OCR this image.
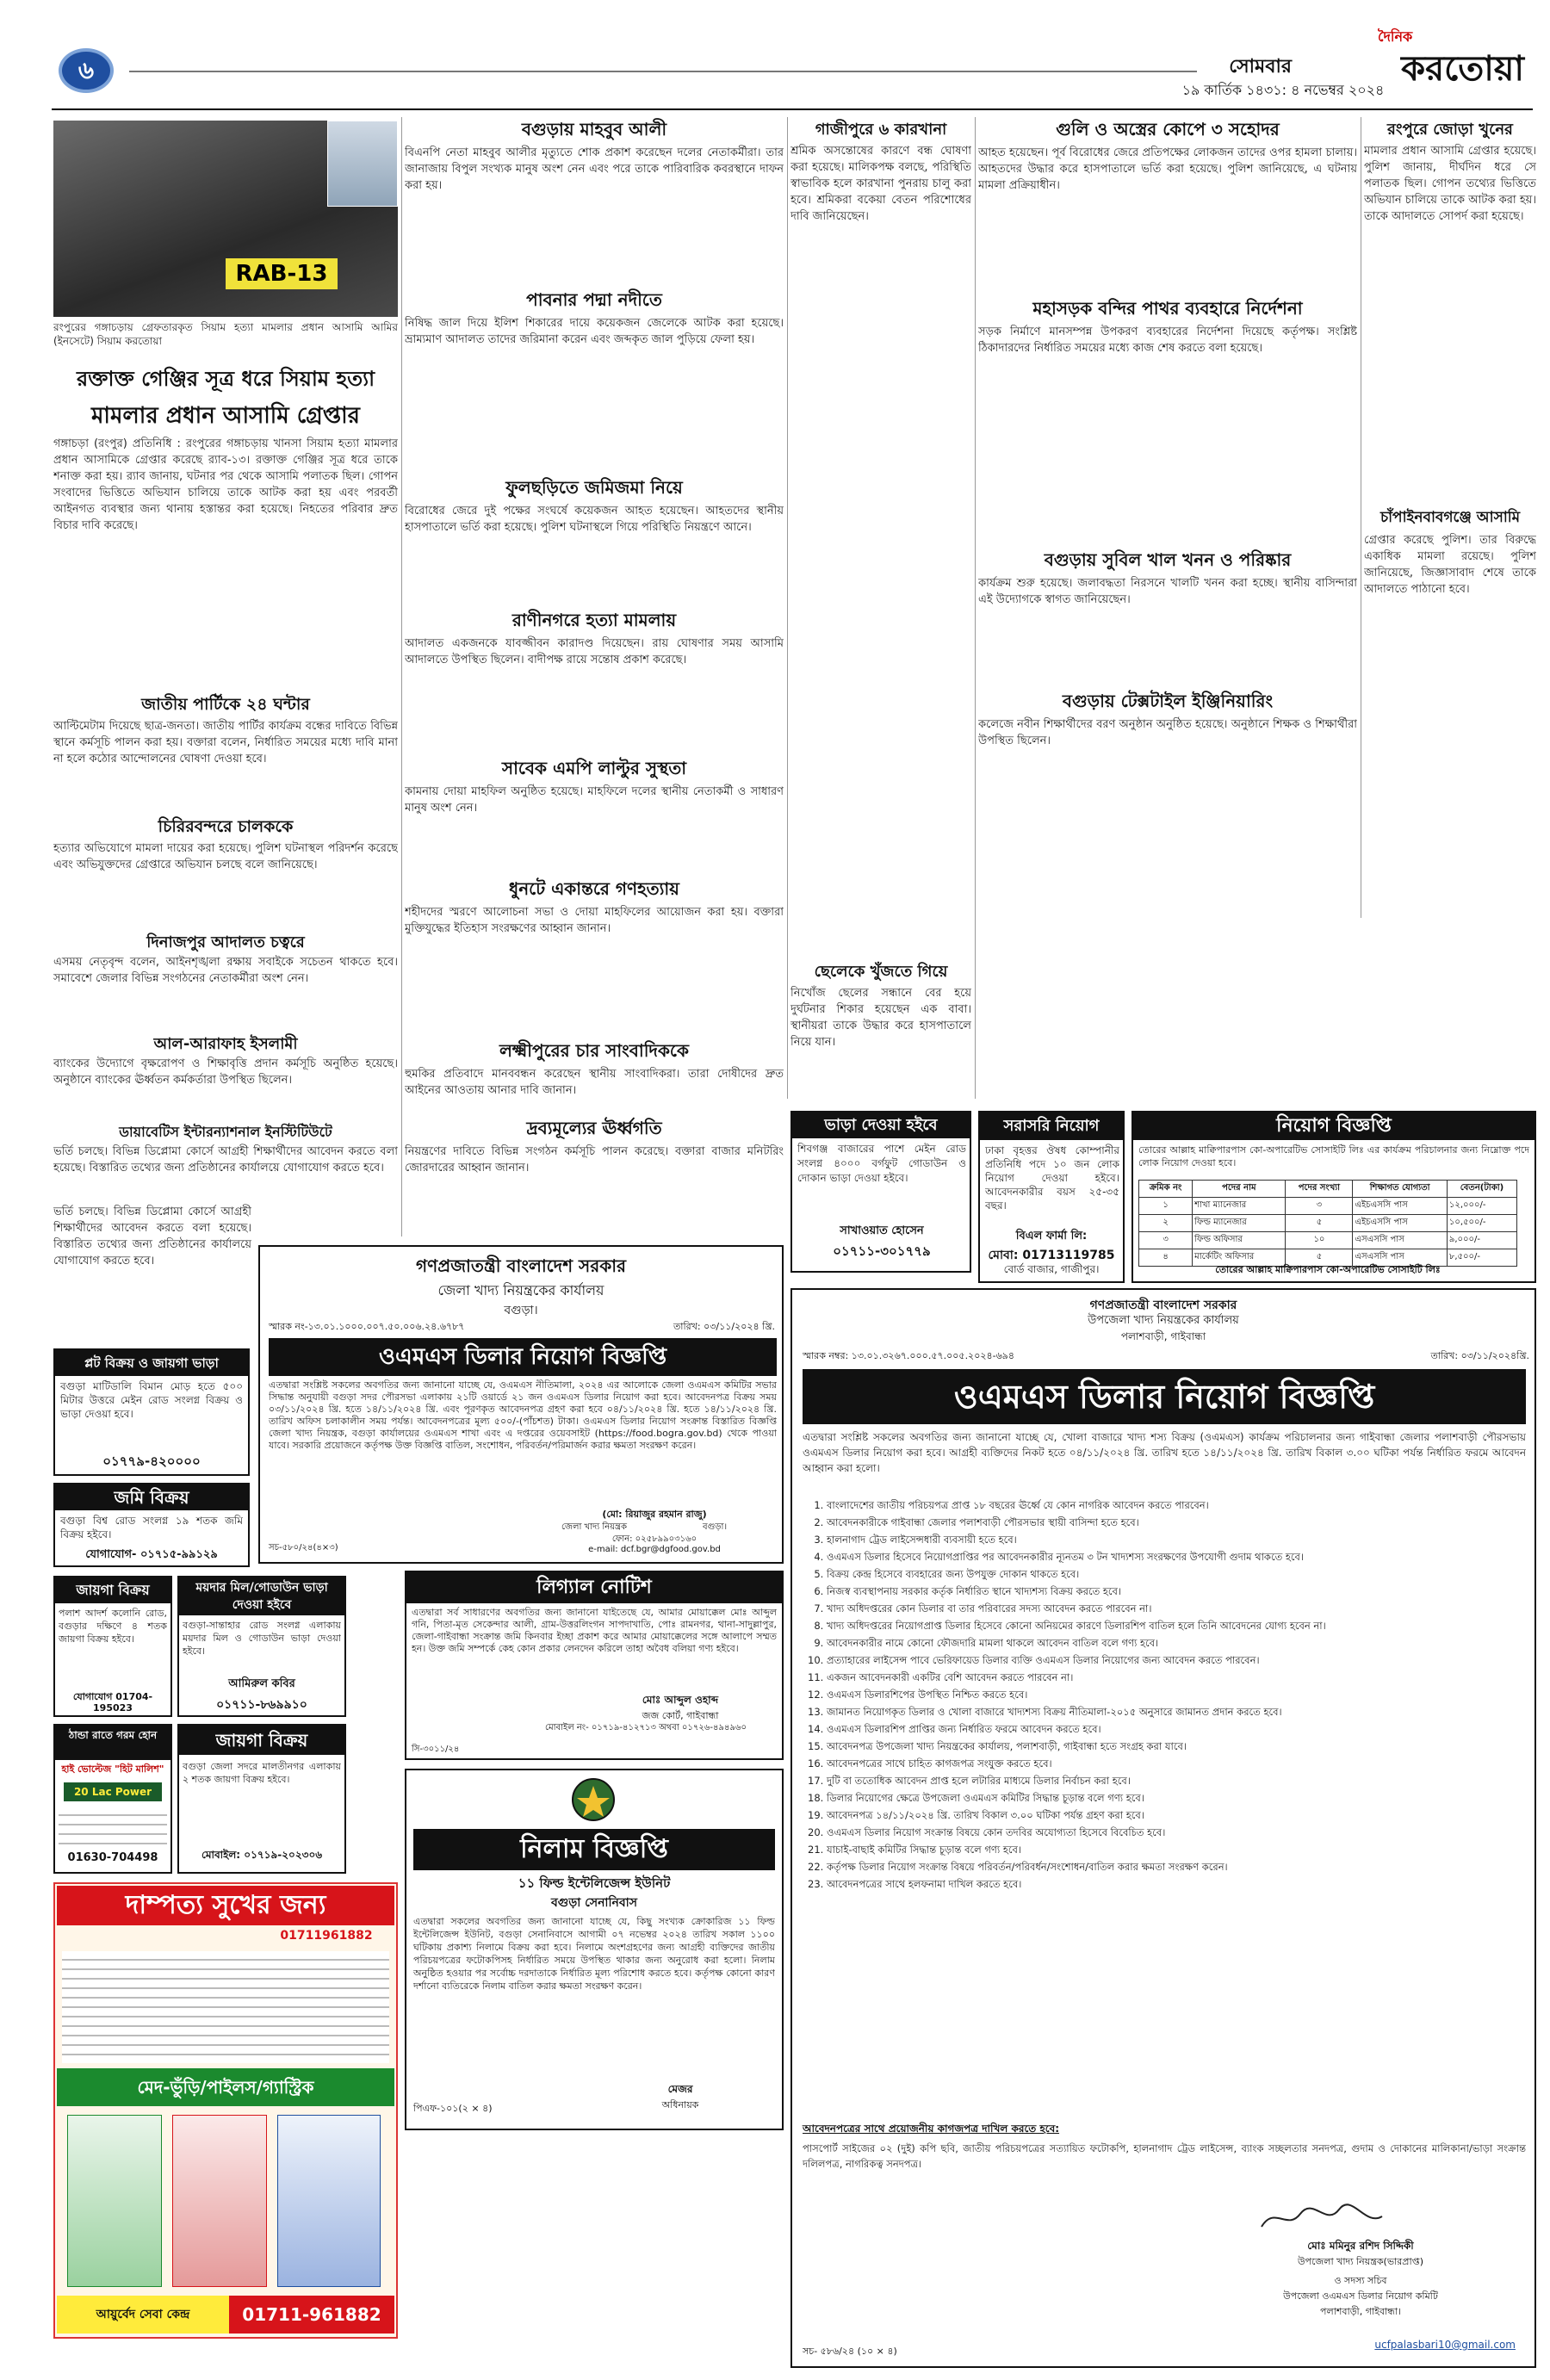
৬	সোমবার
১৯ কার্তিক ১৪৩১: ৪ নভেম্বর ২০২৪
দৈনিক
করতোয়া
RAB-13
রংপুরের গঙ্গাচড়ায় গ্রেফতারকৃত সিয়াম হত্যা মামলার প্রধান আসামি আমির (ইনসেটে) সিয়াম করতোয়া
রক্তাক্ত গেঞ্জির সূত্র ধরে সিয়াম হত্যা
মামলার প্রধান আসামি গ্রেপ্তার
গঙ্গাচড়া (রংপুর) প্রতিনিধি : রংপুরের গঙ্গাচড়ায় খানসা সিয়াম হত্যা মামলার প্রধান আসামিকে গ্রেপ্তার করেছে র‍্যাব-১৩। রক্তাক্ত গেঞ্জির সূত্র ধরে তাকে শনাক্ত করা হয়। র‍্যাব জানায়, ঘটনার পর থেকে আসামি পলাতক ছিল। গোপন সংবাদের ভিত্তিতে অভিযান চালিয়ে তাকে আটক করা হয় এবং পরবর্তী আইনগত ব্যবস্থার জন্য থানায় হস্তান্তর করা হয়েছে। নিহতের পরিবার দ্রুত বিচার দাবি করেছে।
জাতীয় পার্টিকে ২৪ ঘন্টার
আল্টিমেটাম দিয়েছে ছাত্র-জনতা। জাতীয় পার্টির কার্যক্রম বন্ধের দাবিতে বিভিন্ন স্থানে কর্মসূচি পালন করা হয়। বক্তারা বলেন, নির্ধারিত সময়ের মধ্যে দাবি মানা না হলে কঠোর আন্দোলনের ঘোষণা দেওয়া হবে।
চিরিরবন্দরে চালককে
হত্যার অভিযোগে মামলা দায়ের করা হয়েছে। পুলিশ ঘটনাস্থল পরিদর্শন করেছে এবং অভিযুক্তদের গ্রেপ্তারে অভিযান চলছে বলে জানিয়েছে।
দিনাজপুর আদালত চত্বরে
এসময় নেতৃবৃন্দ বলেন, আইনশৃঙ্খলা রক্ষায় সবাইকে সচেতন থাকতে হবে। সমাবেশে জেলার বিভিন্ন সংগঠনের নেতাকর্মীরা অংশ নেন।
আল-আরাফাহ ইসলামী
ব্যাংকের উদ্যোগে বৃক্ষরোপণ ও শিক্ষাবৃত্তি প্রদান কর্মসূচি অনুষ্ঠিত হয়েছে। অনুষ্ঠানে ব্যাংকের ঊর্ধ্বতন কর্মকর্তারা উপস্থিত ছিলেন।
ডায়াবেটিস ইন্টারন্যাশনাল ইনস্টিটিউটে
ভর্তি চলছে। বিভিন্ন ডিপ্লোমা কোর্সে আগ্রহী শিক্ষার্থীদের আবেদন করতে বলা হয়েছে। বিস্তারিত তথ্যের জন্য প্রতিষ্ঠানের কার্যালয়ে যোগাযোগ করতে হবে।
ভর্তি চলছে। বিভিন্ন ডিপ্লোমা কোর্সে আগ্রহী শিক্ষার্থীদের আবেদন করতে বলা হয়েছে। বিস্তারিত তথ্যের জন্য প্রতিষ্ঠানের কার্যালয়ে যোগাযোগ করতে হবে।
বগুড়ায় মাহবুব আলী
বিএনপি নেতা মাহবুব আলীর মৃত্যুতে শোক প্রকাশ করেছেন দলের নেতাকর্মীরা। তার জানাজায় বিপুল সংখ্যক মানুষ অংশ নেন এবং পরে তাকে পারিবারিক কবরস্থানে দাফন করা হয়।
পাবনার পদ্মা নদীতে
নিষিদ্ধ জাল দিয়ে ইলিশ শিকারের দায়ে কয়েকজন জেলেকে আটক করা হয়েছে। ভ্রাম্যমাণ আদালত তাদের জরিমানা করেন এবং জব্দকৃত জাল পুড়িয়ে ফেলা হয়।
ফুলছড়িতে জমিজমা নিয়ে
বিরোধের জেরে দুই পক্ষের সংঘর্ষে কয়েকজন আহত হয়েছেন। আহতদের স্থানীয় হাসপাতালে ভর্তি করা হয়েছে। পুলিশ ঘটনাস্থলে গিয়ে পরিস্থিতি নিয়ন্ত্রণে আনে।
রাণীনগরে হত্যা মামলায়
আদালত একজনকে যাবজ্জীবন কারাদণ্ড দিয়েছেন। রায় ঘোষণার সময় আসামি আদালতে উপস্থিত ছিলেন। বাদীপক্ষ রায়ে সন্তোষ প্রকাশ করেছে।
সাবেক এমপি লাল্টুর সুস্থতা
কামনায় দোয়া মাহফিল অনুষ্ঠিত হয়েছে। মাহফিলে দলের স্থানীয় নেতাকর্মী ও সাধারণ মানুষ অংশ নেন।
ধুনটে একান্তরে গণহত্যায়
শহীদদের স্মরণে আলোচনা সভা ও দোয়া মাহফিলের আয়োজন করা হয়। বক্তারা মুক্তিযুদ্ধের ইতিহাস সংরক্ষণের আহ্বান জানান।
লক্ষ্মীপুরের চার সাংবাদিককে
হুমকির প্রতিবাদে মানববন্ধন করেছেন স্থানীয় সাংবাদিকরা। তারা দোষীদের দ্রুত আইনের আওতায় আনার দাবি জানান।
দ্রব্যমূল্যের ঊর্ধ্বগতি
নিয়ন্ত্রণের দাবিতে বিভিন্ন সংগঠন কর্মসূচি পালন করেছে। বক্তারা বাজার মনিটরিং জোরদারের আহ্বান জানান।
গাজীপুরে ৬ কারখানা
শ্রমিক অসন্তোষের কারণে বন্ধ ঘোষণা করা হয়েছে। মালিকপক্ষ বলছে, পরিস্থিতি স্বাভাবিক হলে কারখানা পুনরায় চালু করা হবে। শ্রমিকরা বকেয়া বেতন পরিশোধের দাবি জানিয়েছেন।
ছেলেকে খুঁজতে গিয়ে
নিখোঁজ ছেলের সন্ধানে বের হয়ে দুর্ঘটনার শিকার হয়েছেন এক বাবা। স্থানীয়রা তাকে উদ্ধার করে হাসপাতালে নিয়ে যান।
গুলি ও অস্ত্রের কোপে ৩ সহোদর
আহত হয়েছেন। পূর্ব বিরোধের জেরে প্রতিপক্ষের লোকজন তাদের ওপর হামলা চালায়। আহতদের উদ্ধার করে হাসপাতালে ভর্তি করা হয়েছে। পুলিশ জানিয়েছে, এ ঘটনায় মামলা প্রক্রিয়াধীন।
মহাসড়ক বন্দির পাথর ব্যবহারে নির্দেশনা
সড়ক নির্মাণে মানসম্পন্ন উপকরণ ব্যবহারের নির্দেশনা দিয়েছে কর্তৃপক্ষ। সংশ্লিষ্ট ঠিকাদারদের নির্ধারিত সময়ের মধ্যে কাজ শেষ করতে বলা হয়েছে।
বগুড়ায় সুবিল খাল খনন ও পরিষ্কার
কার্যক্রম শুরু হয়েছে। জলাবদ্ধতা নিরসনে খালটি খনন করা হচ্ছে। স্থানীয় বাসিন্দারা এই উদ্যোগকে স্বাগত জানিয়েছেন।
বগুড়ায় টেক্সটাইল ইঞ্জিনিয়ারিং
কলেজে নবীন শিক্ষার্থীদের বরণ অনুষ্ঠান অনুষ্ঠিত হয়েছে। অনুষ্ঠানে শিক্ষক ও শিক্ষার্থীরা উপস্থিত ছিলেন।
রংপুরে জোড়া খুনের
মামলার প্রধান আসামি গ্রেপ্তার হয়েছে। পুলিশ জানায়, দীর্ঘদিন ধরে সে পলাতক ছিল। গোপন তথ্যের ভিত্তিতে অভিযান চালিয়ে তাকে আটক করা হয়। তাকে আদালতে সোপর্দ করা হয়েছে।
চাঁপাইনবাবগঞ্জে আসামি
গ্রেপ্তার করেছে পুলিশ। তার বিরুদ্ধে একাধিক মামলা রয়েছে। পুলিশ জানিয়েছে, জিজ্ঞাসাবাদ শেষে তাকে আদালতে পাঠানো হবে।
ভাড়া দেওয়া হইবে
শিবগঞ্জ বাজারের পাশে মেইন রোড সংলগ্ন ৪০০০ বর্গফুট গোডাউন ও দোকান ভাড়া দেওয়া হইবে।
সাখাওয়াত হোসেন
০১৭১১-৩০১৭৭৯
সরাসরি নিয়োগ
ঢাকা বৃহত্তর ঔষধ কোম্পানীর প্রতিনিধি পদে ১০ জন লোক নিয়োগ দেওয়া হইবে। আবেদনকারীর বয়স ২৫-৩৫ বছর।
বিএল ফার্মা লি:
মোবা: 01713119785
বোর্ড বাজার, গাজীপুর।
নিয়োগ বিজ্ঞপ্তি
তোরের আল্লাহ মাক্বিপারপাস কো-অপারেটিভ সোসাইটি লিঃ এর কার্যক্রম পরিচালনার জন্য নিম্নোক্ত পদে লোক নিয়োগ দেওয়া হবে।
ক্রমিক নং	পদের নাম	পদের সংখ্যা	শিক্ষাগত যোগ্যতা	বেতন(টাকা)
১	শাখা ম্যানেজার	৩	এইচএসসি পাস	১২,০০০/-
২	ফিল্ড ম্যানেজার	৫	এইচএসসি পাস	১০,৫০০/-
৩	ফিল্ড অফিসার	১০	এসএসসি পাস	৯,০০০/-
৪	মার্কেটিং অফিসার	৫	এসএসসি পাস	৮,৫০০/-
তোরের আল্লাহ মাক্বিপারপাস কো-অপারেটিভ সোসাইটি লিঃ
প্লট বিক্রয় ও জায়গা ভাড়া
বগুড়া মাটিডালি বিমান মোড় হতে ৫০০ মিটার উত্তরে মেইন রোড সংলগ্ন বিক্রয় ও ভাড়া দেওয়া হবে।
০১৭৭৯-৪২০০০০
জমি বিক্রয়
বগুড়া বিশ্ব রোড সংলগ্ন ১৯ শতক জমি বিক্রয় হইবে।
যোগাযোগ- ০১৭১৫-৯৯১২৯
জায়গা বিক্রয়
পলাশ আদর্শ কলোনি রোড, বগুড়ার দক্ষিণে ৪ শতক জায়গা বিক্রয় হইবে।
যোগাযোগ 01704-195023
ময়দার মিল/গোডাউন ভাড়া দেওয়া হইবে
বগুড়া-সান্তাহার রোড সংলগ্ন এলাকায় ময়দার মিল ও গোডাউন ভাড়া দেওয়া হইবে।
আমিরুল কবির
০১৭১১-৮৬৯৯১০
ঠান্ডা রাতে গরম হোন
হাই ভোল্টেজ "হিট মালিশ"
20 Lac Power
01630-704498
জায়গা বিক্রয়
বগুড়া জেলা সদরে মালতীনগর এলাকায় ২ শতক জায়গা বিক্রয় হইবে।
মোবাইল: ০১৭১৯-২০২৩০৬
দাম্পত্য সুখের জন্য
01711961882
মেদ-ভুঁড়ি/পাইলস/গ্যাস্ট্রিক
আয়ুর্বেদ সেবা কেন্দ্র	01711-961882
গণপ্রজাতন্ত্রী বাংলাদেশ সরকার
জেলা খাদ্য নিয়ন্ত্রকের কার্যালয়
বগুড়া।
স্মারক নং-১৩.০১.১০০০.০০৭.৫০.০০৬.২৪.৬৭৮৭	তারিখ: ০৩/১১/২০২৪ খ্রি.
ওএমএস ডিলার নিয়োগ বিজ্ঞপ্তি
এতদ্বারা সংশ্লিষ্ট সকলের অবগতির জন্য জানানো যাচ্ছে যে, ওএমএস নীতিমালা, ২০২৪ এর আলোকে জেলা ওএমএস কমিটির সভার সিদ্ধান্ত অনুযায়ী বগুড়া সদর পৌরসভা এলাকায় ২১টি ওয়ার্ডে ২১ জন ওএমএস ডিলার নিয়োগ করা হবে। আবেদনপত্র বিক্রয় সময় ০৩/১১/২০২৪ খ্রি. হতে ১৪/১১/২০২৪ খ্রি. এবং পূরণকৃত আবেদনপত্র গ্রহণ করা হবে ০৪/১১/২০২৪ খ্রি. হতে ১৪/১১/২০২৪ খ্রি. তারিখ অফিস চলাকালীন সময় পর্যন্ত। আবেদনপত্রের মূল্য ৫০০/-(পাঁচশত) টাকা। ওএমএস ডিলার নিয়োগ সংক্রান্ত বিস্তারিত বিজ্ঞপ্তি জেলা খাদ্য নিয়ন্ত্রক, বগুড়া কার্যালয়ের ওএমএস শাখা এবং এ দপ্তরের ওয়েবসাইট (https://food.bogra.gov.bd) থেকে পাওয়া যাবে। সরকারি প্রয়োজনে কর্তৃপক্ষ উক্ত বিজ্ঞপ্তি বাতিল, সংশোধন, পরিবর্তন/পরিমার্জন করার ক্ষমতা সংরক্ষণ করেন।
সচ-৫৮০/২৪(৪×৩)
(মো: রিয়াজুর রহমান রাজু)
জেলা খাদ্য নিয়ন্ত্রক	বগুড়া।
ফোন: ০২৫৮৯৯০৩১৬০
e-mail: dcf.bgr@dgfood.gov.bd
লিগ্যাল নোটিশ
এতদ্বারা সর্ব সাধারণের অবগতির জন্য জানানো যাইতেছে যে, আমার মোয়াক্কেল মোঃ আব্দুল গনি, পিতা-মৃত সেকেন্দার আলী, গ্রাম-উত্তরলিংগন সাপদাখাতি, পোঃ রামনগর, থানা-সাদুল্লাপুর, জেলা-গাইবান্ধা সংক্রান্ত জমি কিনবার ইচ্ছা প্রকাশ করে আমার মোয়াক্কেলের সঙ্গে আলাপে সম্মত হন। উক্ত জমি সম্পর্কে কেহ কোন প্রকার লেনদেন করিলে তাহা অবৈধ বলিয়া গণ্য হইবে।
মোঃ আব্দুল ওহাব্দ
জজ কোর্ট, গাইবান্ধা
মোবাইল নং- ০১৭১৯-৪১২৭১৩ অথবা ০১৭২৬-৪৯৪৯৬০
সি-৩০১১/২৪
নিলাম বিজ্ঞপ্তি
১১ ফিল্ড ইন্টেলিজেন্স ইউনিট
বগুড়া সেনানিবাস
এতদ্বারা সকলের অবগতির জন্য জানানো যাচ্ছে যে, কিছু সংখ্যক ক্রোকারিজ ১১ ফিল্ড ইন্টেলিজেন্স ইউনিট, বগুড়া সেনানিবাসে আগামী ০৭ নভেম্বর ২০২৪ তারিখ সকাল ১১০০ ঘটিকায় প্রকাশ্য নিলামে বিক্রয় করা হবে। নিলামে অংশগ্রহণের জন্য আগ্রহী ব্যক্তিদের জাতীয় পরিচয়পত্রের ফটোকপিসহ নির্ধারিত সময়ে উপস্থিত থাকার জন্য অনুরোধ করা হলো। নিলাম অনুষ্ঠিত হওয়ার পর সর্বোচ্চ দরদাতাকে নির্ধারিত মূল্য পরিশোধ করতে হবে। কর্তৃপক্ষ কোনো কারণ দর্শানো ব্যতিরেকে নিলাম বাতিল করার ক্ষমতা সংরক্ষণ করেন।
পিএফ-১০১(২ × ৪)
মেজর
অধিনায়ক
গণপ্রজাতন্ত্রী বাংলাদেশ সরকার
উপজেলা খাদ্য নিয়ন্ত্রকের কার্যালয়
পলাশবাড়ী, গাইবান্ধা
স্মারক নম্বর: ১৩.০১.৩২৬৭.০০০.৫৭.০০৫.২০২৪-৬৯৪	তারিখ: ০৩/১১/২০২৪খ্রি.
ওএমএস ডিলার নিয়োগ বিজ্ঞপ্তি
এতদ্বারা সংশ্লিষ্ট সকলের অবগতির জন্য জানানো যাচ্ছে যে, খোলা বাজারে খাদ্য শস্য বিক্রয় (ওএমএস) কার্যক্রম পরিচালনার জন্য গাইবান্ধা জেলার পলাশবাড়ী পৌরসভায় ওএমএস ডিলার নিয়োগ করা হবে। আগ্রহী ব্যক্তিদের নিকট হতে ০৪/১১/২০২৪ খ্রি. তারিখ হতে ১৪/১১/২০২৪ খ্রি. তারিখ বিকাল ৩.০০ ঘটিকা পর্যন্ত নির্ধারিত ফরমে আবেদন আহ্বান করা হলো।
1. বাংলাদেশের জাতীয় পরিচয়পত্র প্রাপ্ত ১৮ বছরের ঊর্ধ্বে যে কোন নাগরিক আবেদন করতে পারবেন।
2. আবেদনকারীকে গাইবান্ধা জেলার পলাশবাড়ী পৌরসভার স্থায়ী বাসিন্দা হতে হবে।
3. হালনাগাদ ট্রেড লাইসেন্সধারী ব্যবসায়ী হতে হবে।
4. ওএমএস ডিলার হিসেবে নিয়োগপ্রাপ্তির পর আবেদনকারীর ন্যূনতম ৩ টন খাদ্যশস্য সংরক্ষণের উপযোগী গুদাম থাকতে হবে।
5. বিক্রয় কেন্দ্র হিসেবে ব্যবহারের জন্য উপযুক্ত দোকান থাকতে হবে।
6. নিজস্ব ব্যবস্থাপনায় সরকার কর্তৃক নির্ধারিত স্থানে খাদ্যশস্য বিক্রয় করতে হবে।
7. খাদ্য অধিদপ্তরের কোন ডিলার বা তার পরিবারের সদস্য আবেদন করতে পারবেন না।
8. খাদ্য অধিদপ্তরের নিয়োগপ্রাপ্ত ডিলার হিসেবে কোনো অনিয়মের কারণে ডিলারশিপ বাতিল হলে তিনি আবেদনের যোগ্য হবেন না।
9. আবেদনকারীর নামে কোনো ফৌজদারি মামলা থাকলে আবেদন বাতিল বলে গণ্য হবে।
10. প্রত্যাহারের লাইসেন্স পাবে ভেরিফায়েড ডিলার ব্যক্তি ওএমএস ডিলার নিয়োগের জন্য আবেদন করতে পারবেন।
11. একজন আবেদনকারী একটির বেশি আবেদন করতে পারবেন না।
12. ওএমএস ডিলারশিপের উপস্থিত নিশ্চিত করতে হবে।
13. জামানত নিয়োগকৃত ডিলার ও খোলা বাজারে খাদ্যশস্য বিক্রয় নীতিমালা-২০১৫ অনুসারে জামানত প্রদান করতে হবে।
14. ওএমএস ডিলারশিপ প্রাপ্তির জন্য নির্ধারিত ফরমে আবেদন করতে হবে।
15. আবেদনপত্র উপজেলা খাদ্য নিয়ন্ত্রকের কার্যালয়, পলাশবাড়ী, গাইবান্ধা হতে সংগ্রহ করা যাবে।
16. আবেদনপত্রের সাথে চাহিত কাগজপত্র সংযুক্ত করতে হবে।
17. দুটি বা ততোধিক আবেদন প্রাপ্ত হলে লটারির মাধ্যমে ডিলার নির্বাচন করা হবে।
18. ডিলার নিয়োগের ক্ষেত্রে উপজেলা ওএমএস কমিটির সিদ্ধান্ত চূড়ান্ত বলে গণ্য হবে।
19. আবেদনপত্র ১৪/১১/২০২৪ খ্রি. তারিখ বিকাল ৩.০০ ঘটিকা পর্যন্ত গ্রহণ করা হবে।
20. ওএমএস ডিলার নিয়োগ সংক্রান্ত বিষয়ে কোন তদবির অযোগ্যতা হিসেবে বিবেচিত হবে।
21. যাচাই-বাছাই কমিটির সিদ্ধান্ত চূড়ান্ত বলে গণ্য হবে।
22. কর্তৃপক্ষ ডিলার নিয়োগ সংক্রান্ত বিষয়ে পরিবর্তন/পরিবর্ধন/সংশোধন/বাতিল করার ক্ষমতা সংরক্ষণ করেন।
23. আবেদনপত্রের সাথে হলফনামা দাখিল করতে হবে।
আবেদনপত্রের সাথে প্রয়োজনীয় কাগজপত্র দাখিল করতে হবে:
পাসপোর্ট সাইজের ০২ (দুই) কপি ছবি, জাতীয় পরিচয়পত্রের সত্যায়িত ফটোকপি, হালনাগাদ ট্রেড লাইসেন্স, ব্যাংক সচ্ছলতার সনদপত্র, গুদাম ও দোকানের মালিকানা/ভাড়া সংক্রান্ত দলিলপত্র, নাগরিকত্ব সনদপত্র।
মোঃ মমিনুর রশিদ সিদ্দিকী
উপজেলা খাদ্য নিয়ন্ত্রক(ভারপ্রাপ্ত)
ও সদস্য সচিব
উপজেলা ওএমএস ডিলার নিয়োগ কমিটি
পলাশবাড়ী, গাইবান্ধা।
ucfpalasbari10@gmail.com
সচ- ৫৮৬/২৪ (১০ × ৪)
